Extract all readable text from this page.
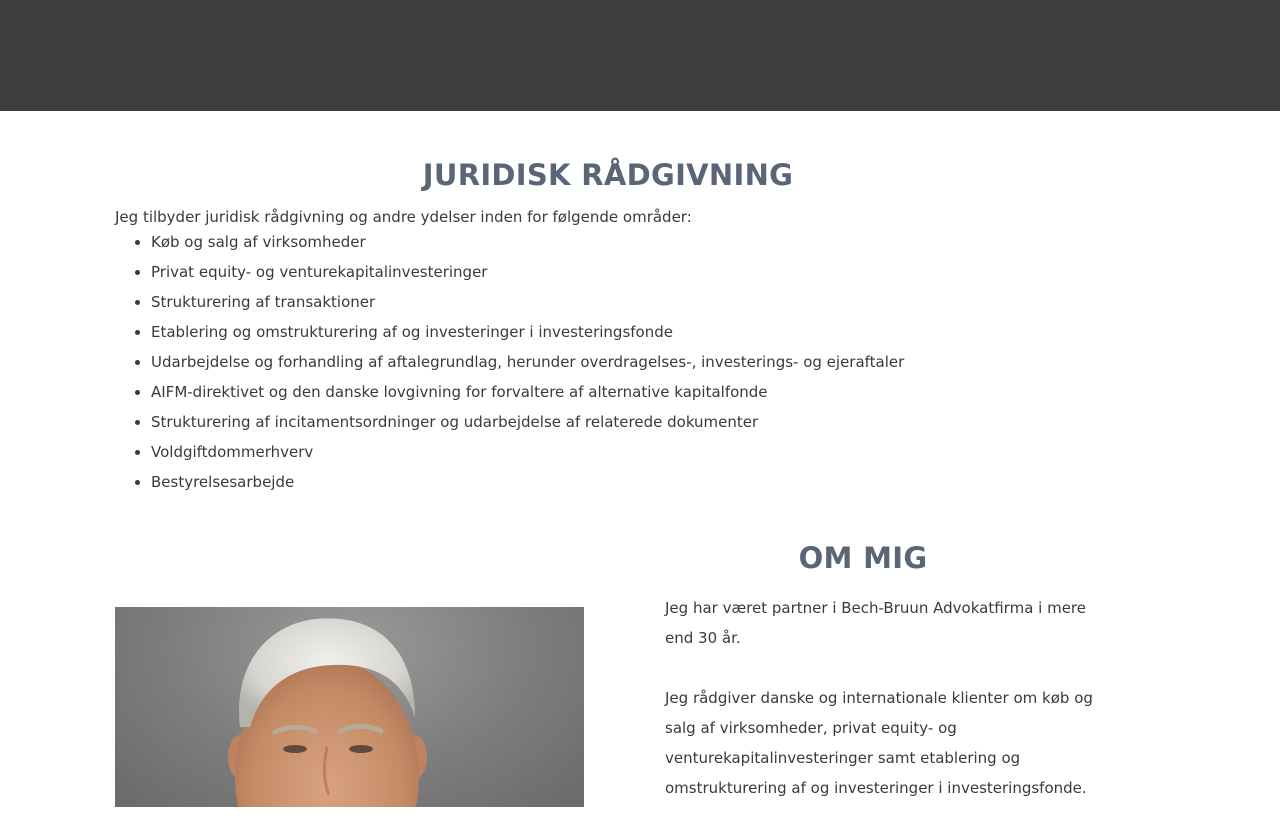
JURIDISK RÅDGIVNING

Jeg tilbyder juridisk rådgivning og andre ydelser inden for følgende områder:

• Køb og salg af virksomheder
• Privat equity- og venturekapitalinvesteringer
• Strukturering af transaktioner
• Etablering og omstrukturering af og investeringer i investeringsfonde
• Udarbejdelse og forhandling af aftalegrundlag, herunder overdragelses-, investerings- og ejeraftaler
• AIFM-direktivet og den danske lovgivning for forvaltere af alternative kapitalfonde
• Strukturering af incitamentsordninger og udarbejdelse af relaterede dokumenter
• Voldgiftdommerhverv
• Bestyrelsesarbejde
OM MIG

Jeg har været partner i Bech-Bruun Advokatfirma i mere end 30 år.

Jeg rådgiver danske og internationale klienter om køb og salg af virksomheder, privat equity- og venturekapitalinvesteringer samt etablering og omstrukturering af og investeringer i investeringsfonde.
